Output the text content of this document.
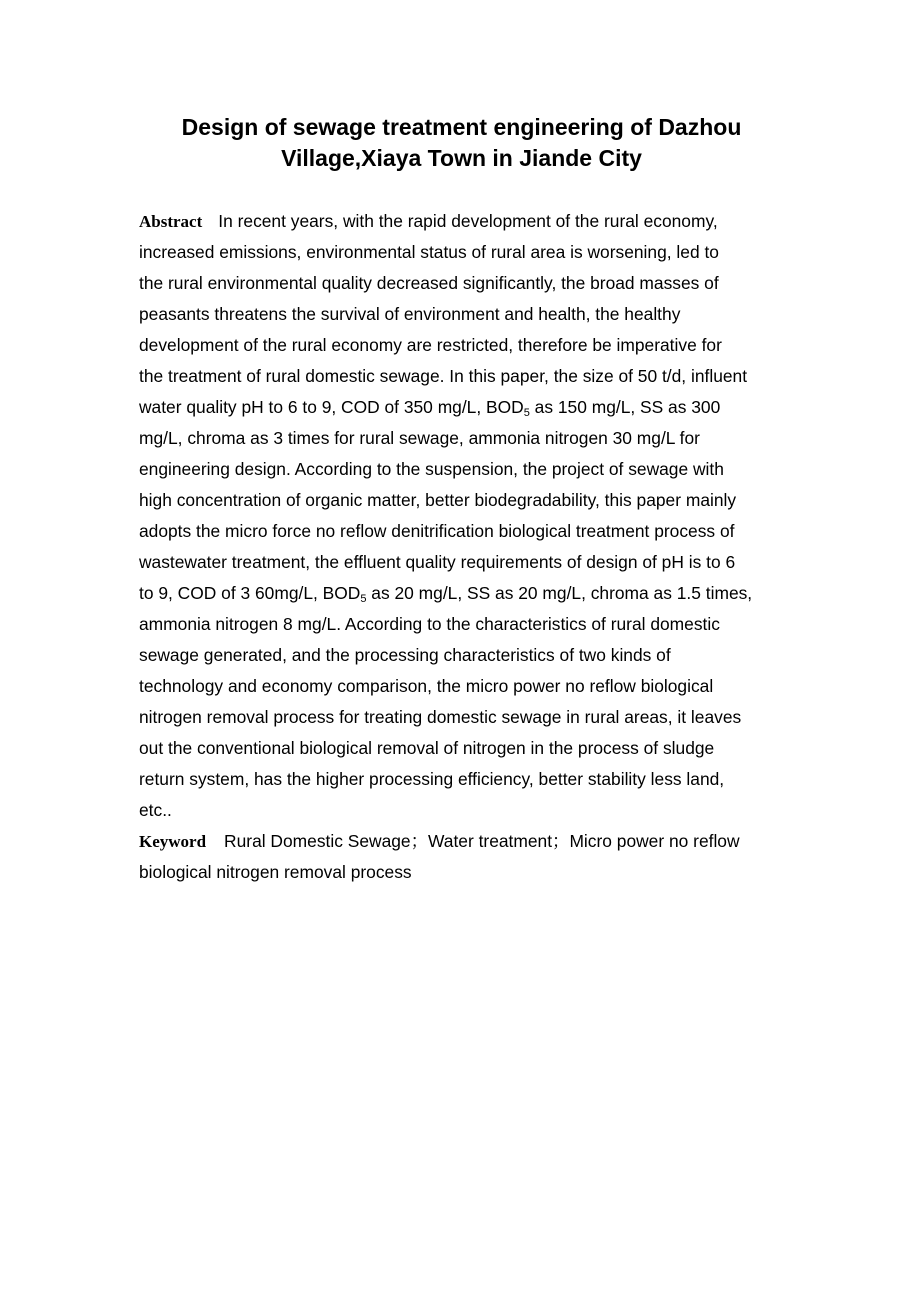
Design of sewage treatment engineering of Dazhou
Village,Xiaya Town in Jiande City
Abstract In recent years, with the rapid development of the rural economy,
increased emissions, environmental status of rural area is worsening, led to
the rural environmental quality decreased significantly, the broad masses of
peasants threatens the survival of environment and health, the healthy
development of the rural economy are restricted, therefore be imperative for
the treatment of rural domestic sewage. In this paper, the size of 50 t/d, influent
water quality pH to 6 to 9, COD of 350 mg/L, $BOD_5$ as 150 mg/L, SS as 300
mg/L, chroma as 3 times for rural sewage, ammonia nitrogen 30 mg/L for
engineering design. According to the suspension, the project of sewage with
high concentration of organic matter, better biodegradability, this paper mainly
adopts the micro force no reflow denitrification biological treatment process of
wastewater treatment, the effluent quality requirements of design of pH is to 6
to 9, COD of 3 60mg/L, $BOD_5$ as 20 mg/L, SS as 20 mg/L, chroma as 1.5 times,
ammonia nitrogen 8 mg/L. According to the characteristics of rural domestic
sewage generated, and the processing characteristics of two kinds of
technology and economy comparison, the micro power no reflow biological
nitrogen removal process for treating domestic sewage in rural areas, it leaves
out the conventional biological removal of nitrogen in the process of sludge
return system, has the higher processing efficiency, better stability less land,
etc..
Keyword Rural Domestic Sewage；Water treatment；Micro power no reflow
biological nitrogen removal process
